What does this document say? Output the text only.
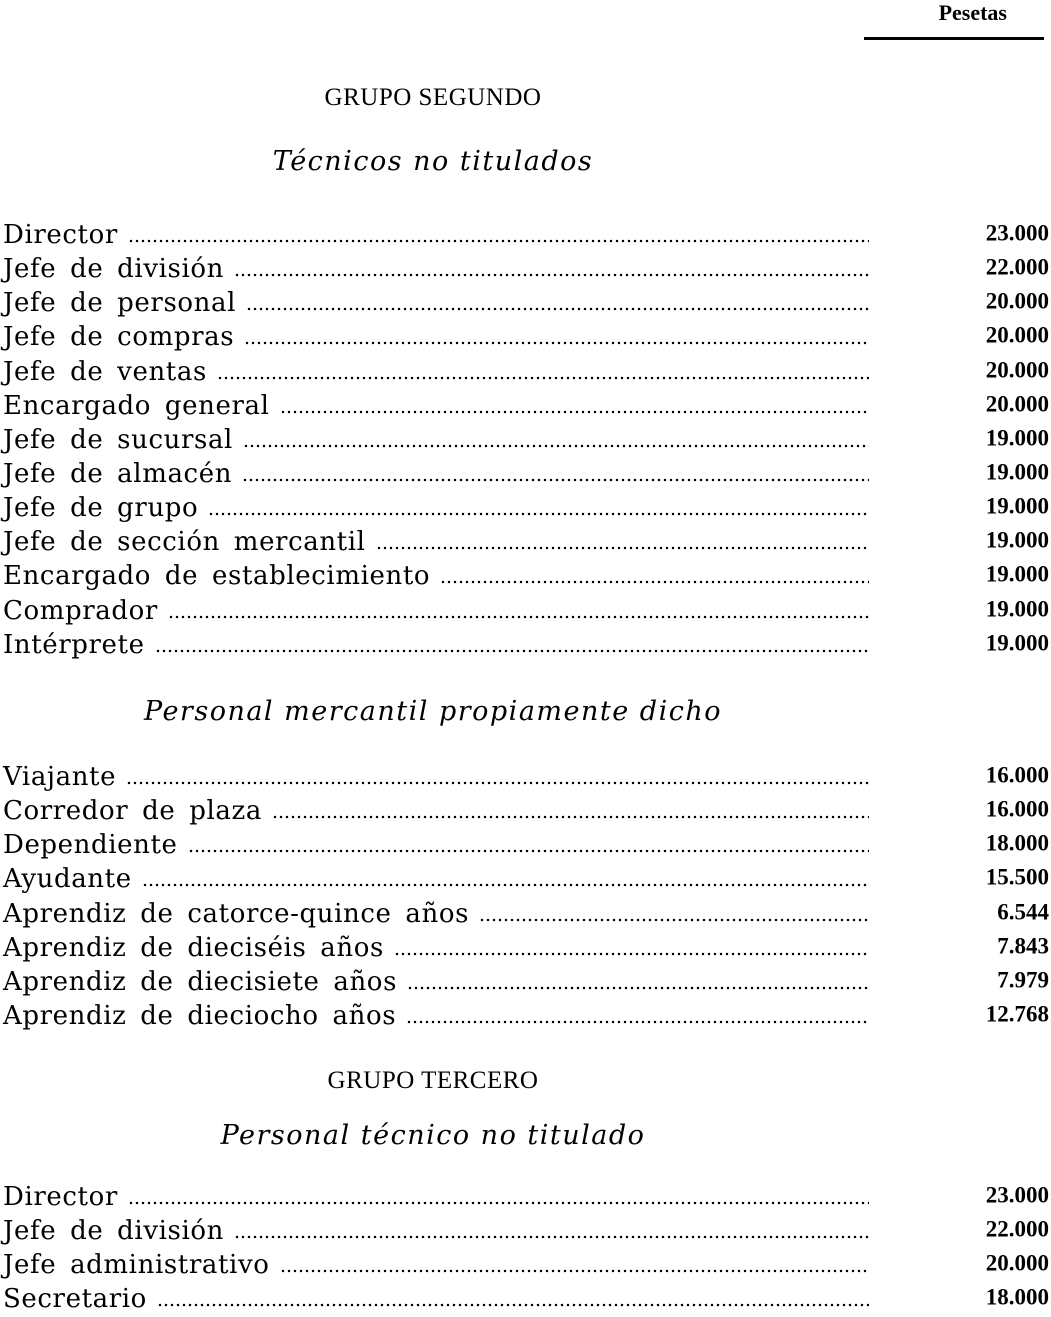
Pesetas
GRUPO SEGUNDO
Técnicos no titulados
Director	23.000
Jefe de división	22.000
Jefe de personal	20.000
Jefe de compras	20.000
Jefe de ventas	20.000
Encargado general	20.000
Jefe de sucursal	19.000
Jefe de almacén	19.000
Jefe de grupo	19.000
Jefe de sección mercantil	19.000
Encargado de establecimiento	19.000
Comprador	19.000
Intérprete	19.000
Personal mercantil propiamente dicho
Viajante	16.000
Corredor de plaza	16.000
Dependiente	18.000
Ayudante	15.500
Aprendiz de catorce-quince años	6.544
Aprendiz de dieciséis años	7.843
Aprendiz de diecisiete años	7.979
Aprendiz de dieciocho años	12.768
GRUPO TERCERO
Personal técnico no titulado
Director	23.000
Jefe de división	22.000
Jefe administrativo	20.000
Secretario	18.000
